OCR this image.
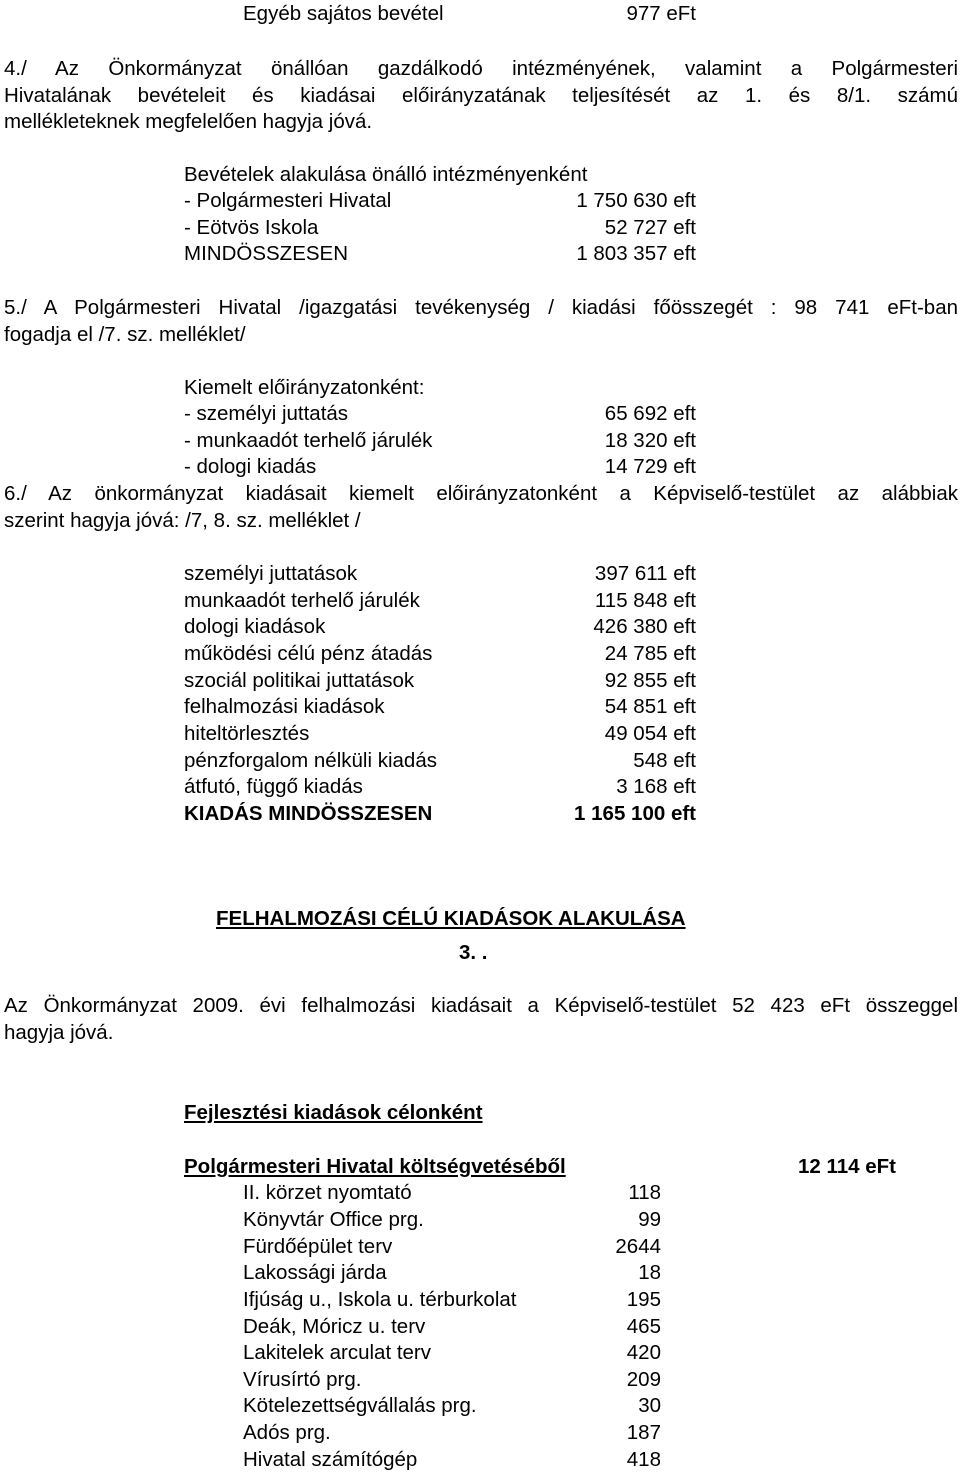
Egyéb sajátos bevétel	977 eFt
4./ Az Önkormányzat önállóan gazdálkodó intézményének, valamint a Polgármesteri
Hivatalának bevételeit és kiadásai előirányzatának teljesítését az 1. és 8/1. számú
mellékleteknek megfelelően hagyja jóvá.
Bevételek alakulása önálló intézményenként
- Polgármesteri Hivatal	1 750 630 eft
- Eötvös Iskola	52 727 eft
MINDÖSSZESEN	1 803 357 eft
5./ A Polgármesteri Hivatal /igazgatási tevékenység / kiadási főösszegét : 98 741 eFt-ban
fogadja el /7. sz. melléklet/
Kiemelt előirányzatonként:
- személyi juttatás	65 692 eft
- munkaadót terhelő járulék	18 320 eft
- dologi kiadás	14 729 eft
6./ Az önkormányzat kiadásait kiemelt előirányzatonként a Képviselő-testület az alábbiak
szerint hagyja jóvá: /7, 8. sz. melléklet /
személyi juttatások	397 611 eft
munkaadót terhelő járulék	115 848 eft
dologi kiadások	426 380 eft
működési célú pénz átadás	24 785 eft
szociál politikai juttatások	92 855 eft
felhalmozási kiadások	54 851 eft
hiteltörlesztés	49 054 eft
pénzforgalom nélküli kiadás	548 eft
átfutó, függő kiadás	3 168 eft
KIADÁS MINDÖSSZESEN	1 165 100 eft
FELHALMOZÁSI CÉLÚ KIADÁSOK ALAKULÁSA
3. .
Az Önkormányzat 2009. évi felhalmozási kiadásait a Képviselő-testület 52 423 eFt összeggel
hagyja jóvá.
Fejlesztési kiadások célonként
Polgármesteri Hivatal költségvetéséből	12 114 eFt
II. körzet nyomtató	118
Könyvtár Office prg.	99
Fürdőépület terv	2644
Lakossági járda	18
Ifjúság u., Iskola u. térburkolat	195
Deák, Móricz u. terv	465
Lakitelek arculat terv	420
Vírusírtó prg.	209
Kötelezettségvállalás prg.	30
Adós prg.	187
Hivatal számítógép	418
